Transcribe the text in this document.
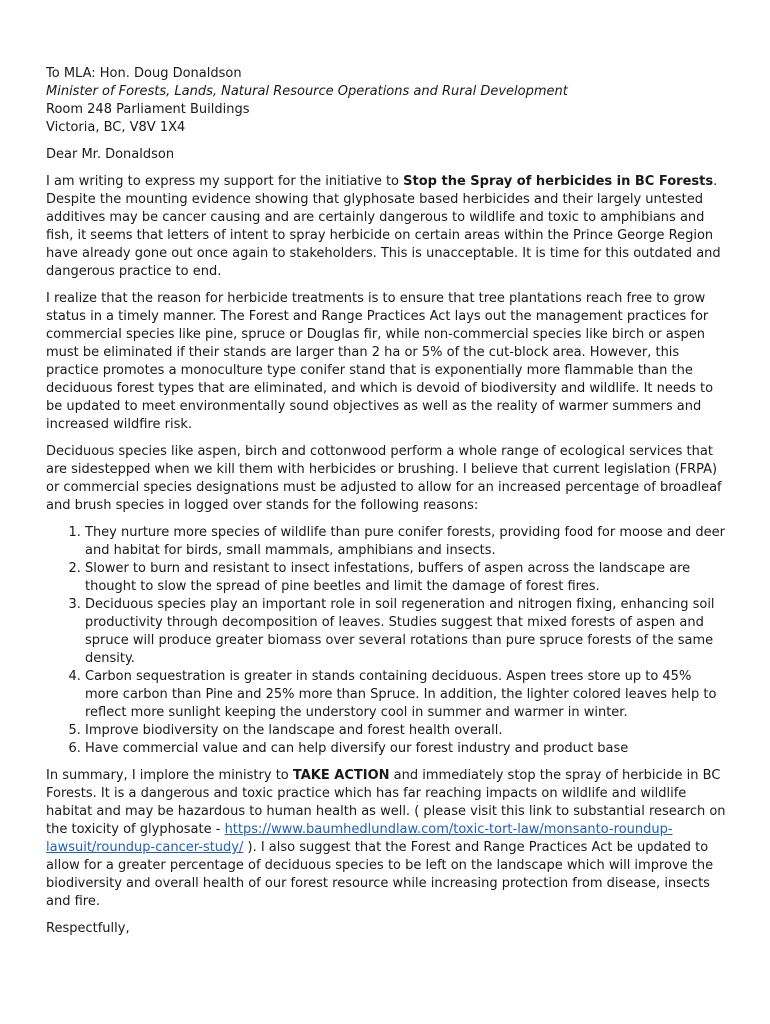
To MLA: Hon. Doug Donaldson

Minister of Forests, Lands, Natural Resource Operations and Rural Development

Room 248 Parliament Buildings

Victoria, BC, V8V 1X4

Dear Mr. Donaldson

I am writing to express my support for the initiative to Stop the Spray of herbicides in BC Forests. Despite the mounting evidence showing that glyphosate based herbicides and their largely untested additives may be cancer causing and are certainly dangerous to wildlife and toxic to amphibians and fish, it seems that letters of intent to spray herbicide on certain areas within the Prince George Region have already gone out once again to stakeholders. This is unacceptable. It is time for this outdated and dangerous practice to end.

I realize that the reason for herbicide treatments is to ensure that tree plantations reach free to grow status in a timely manner. The Forest and Range Practices Act lays out the management practices for commercial species like pine, spruce or Douglas fir, while non-commercial species like birch or aspen must be eliminated if their stands are larger than 2 ha or 5% of the cut-block area. However, this practice promotes a monoculture type conifer stand that is exponentially more flammable than the deciduous forest types that are eliminated, and which is devoid of biodiversity and wildlife. It needs to be updated to meet environmentally sound objectives as well as the reality of warmer summers and increased wildfire risk.

Deciduous species like aspen, birch and cottonwood perform a whole range of ecological services that are sidestepped when we kill them with herbicides or brushing. I believe that current legislation (FRPA) or commercial species designations must be adjusted to allow for an increased percentage of broadleaf and brush species in logged over stands for the following reasons:

1. They nurture more species of wildlife than pure conifer forests, providing food for moose and deer and habitat for birds, small mammals, amphibians and insects.
2. Slower to burn and resistant to insect infestations, buffers of aspen across the landscape are thought to slow the spread of pine beetles and limit the damage of forest fires.
3. Deciduous species play an important role in soil regeneration and nitrogen fixing, enhancing soil productivity through decomposition of leaves. Studies suggest that mixed forests of aspen and spruce will produce greater biomass over several rotations than pure spruce forests of the same density.
4. Carbon sequestration is greater in stands containing deciduous. Aspen trees store up to 45% more carbon than Pine and 25% more than Spruce. In addition, the lighter colored leaves help to reflect more sunlight keeping the understory cool in summer and warmer in winter.
5. Improve biodiversity on the landscape and forest health overall.
6. Have commercial value and can help diversify our forest industry and product base

In summary, I implore the ministry to TAKE ACTION and immediately stop the spray of herbicide in BC Forests. It is a dangerous and toxic practice which has far reaching impacts on wildlife and wildlife habitat and may be hazardous to human health as well. ( please visit this link to substantial research on the toxicity of glyphosate - https://www.baumhedlundlaw.com/toxic-tort-law/monsanto-roundup-lawsuit/roundup-cancer-study/ ). I also suggest that the Forest and Range Practices Act be updated to allow for a greater percentage of deciduous species to be left on the landscape which will improve the biodiversity and overall health of our forest resource while increasing protection from disease, insects and fire.

Respectfully,
